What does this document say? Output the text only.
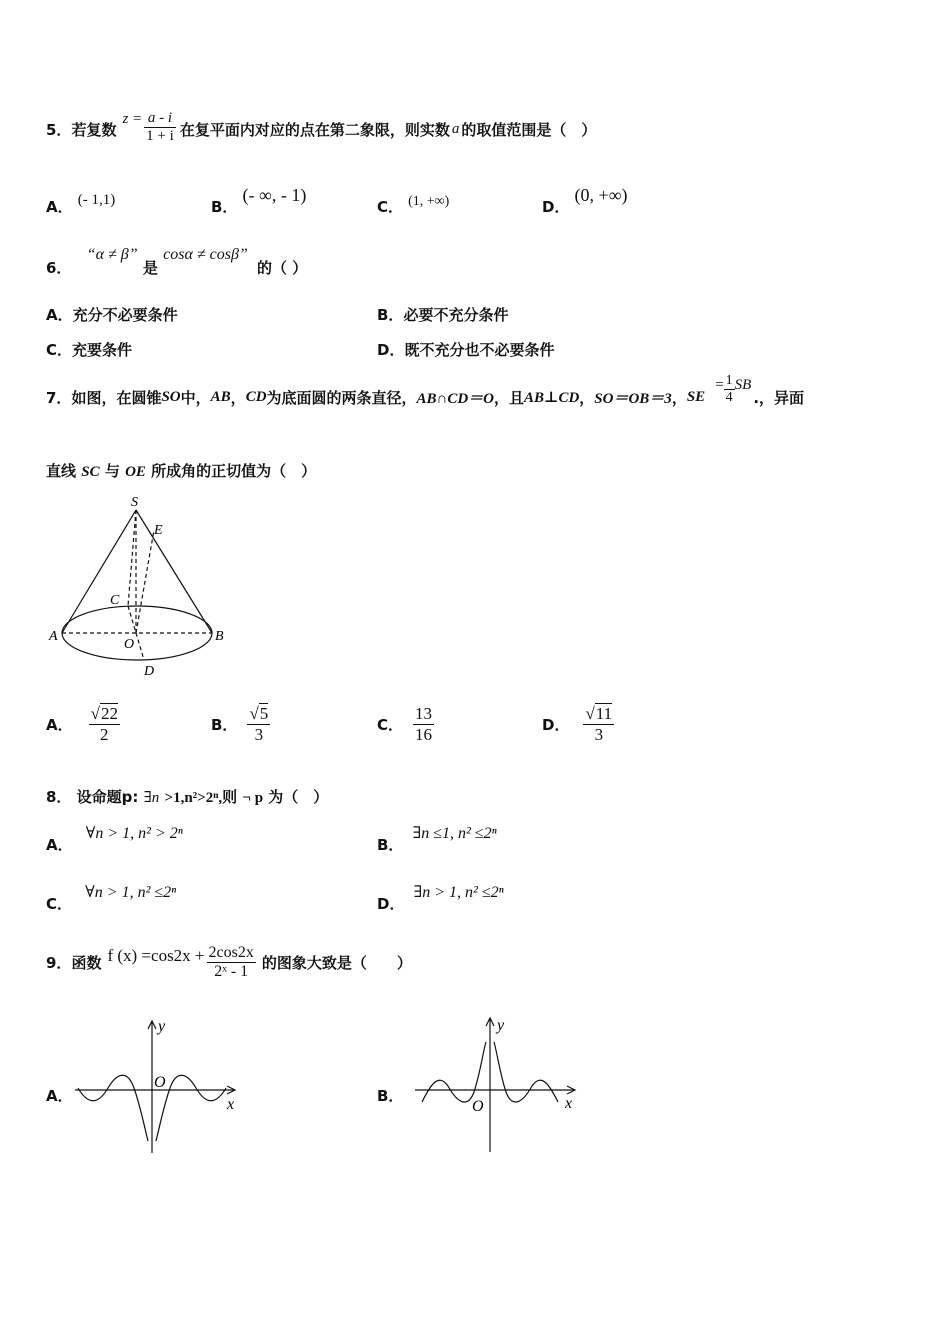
5． 若复数
$z = \frac{a - i}{1 + i}$ 在复平面内对应的点在第二象限，则实数 a 的取值范围是（　）
A． (- 1,1)	B． (- ∞, - 1)
C． (1, +∞)	D． (0, +∞)
6． “α ≠ β” 是 cosα ≠ cosβ” 的（ ）
A．充分不必要条件	B．必要不充分条件
C．充要条件	D．既不充分也不必要条件
7． 如图，在圆锥 SO 中， AB ， CD 为底面圆的两条直径， AB∩CD＝O ，且 AB⊥CD ， SO＝OB＝3 ， SE
= $\frac{1}{4}$ SB
.，异面
直线 SC 与 OE 所成角的正切值为（　）
S
E
C
A
O
B
D
A． $\frac{√22}{2}$	B． $\frac{√5}{3}$	C． $\frac{13}{16}$	D． $\frac{√11}{3}$
8． 设命题p: ∃n >1,n²>2ⁿ,则 ¬ p 为（　）
A． ∀n > 1, n² > 2ⁿ
B． ∃n ≤1, n² ≤2ⁿ
C． ∀n > 1, n² ≤2ⁿ
D． ∃n > 1, n² ≤2ⁿ
9． 函数 f $(x) =\cos 2x + \frac{2\cos 2x}{\text{2ˣ - 1}}$ 的图象大致是（　　）
A．
y
x
O
B．
y
x
O
